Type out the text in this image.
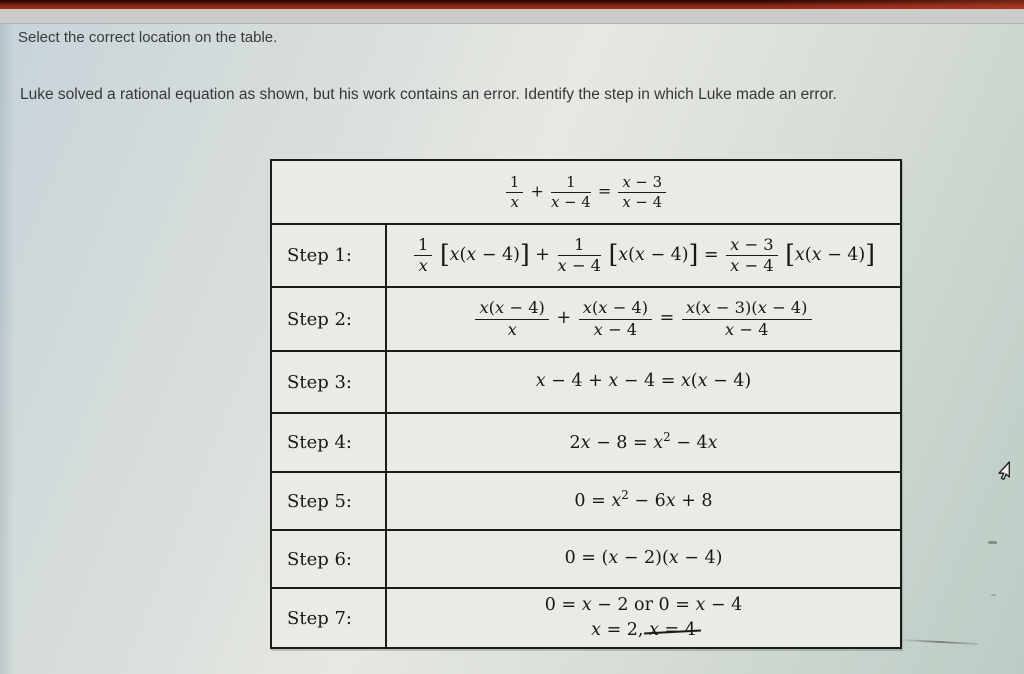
Select the correct location on the table.
Luke solved a rational equation as shown, but his work contains an error. Identify the step in which Luke made an error.
$\frac{1}{x} + \frac{1}{x - 4} = \frac{x - 3}{x - 4}$

Step 1:	$\frac{1}{x} [x(x - 4)] + \frac{1}{x - 4} [x(x - 4)] = \frac{x - 3}{x - 4} [x(x - 4)]$

Step 2:	$\frac{x(x - 4)}{x} + \frac{x(x - 4)}{x - 4} = \frac{x(x - 3)(x - 4)}{x - 4}$

Step 3:	x − 4 + x − 4 = x(x − 4)

Step 4:	$2x - 8 = x^2 - 4x$

Step 5:	$0 = x^2 - 6x + 8$

Step 6:	0 = (x − 2)(x − 4)

Step 7:	0 = x − 2 or 0 = x − 4
x = 2, x = 4
